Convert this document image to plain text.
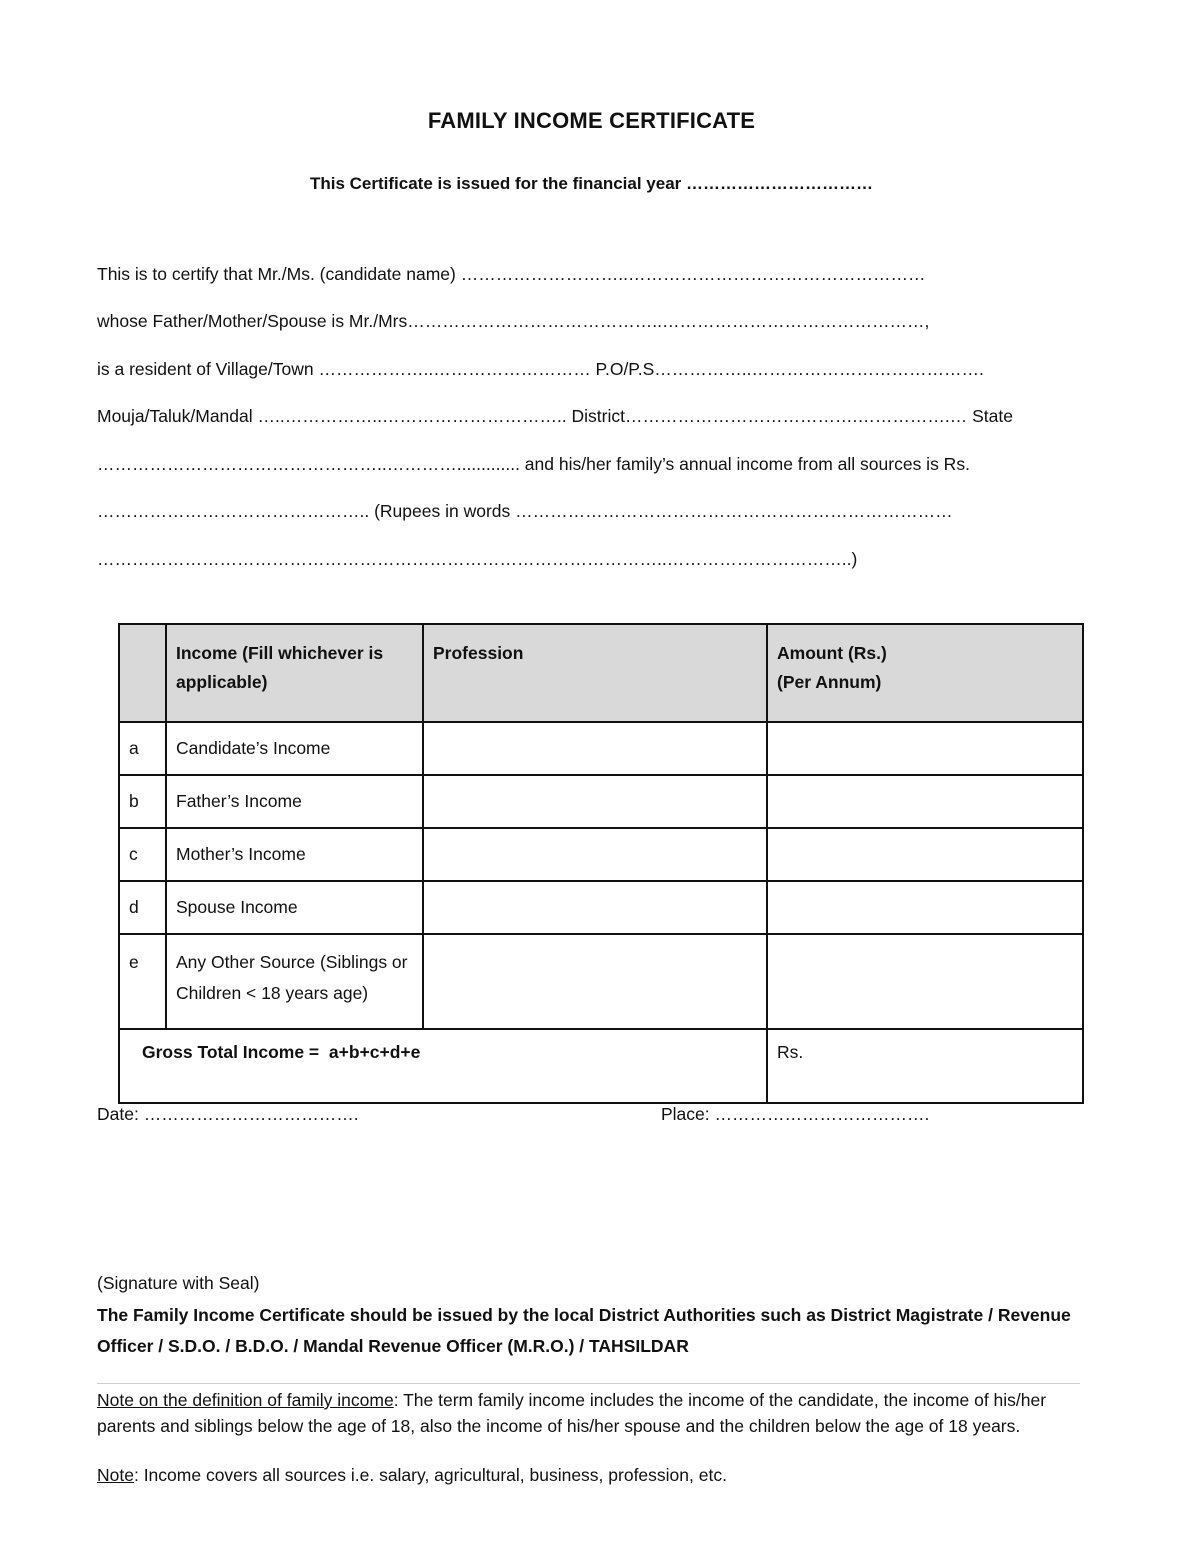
FAMILY INCOME CERTIFICATE
This Certificate is issued for the financial year ……………………………
This is to certify that Mr./Ms. (candidate name) ………………………..……………………………………………
whose Father/Mother/Spouse is Mr./Mrs……………………………………..………………………………………,
is a resident of Village/Town ………………..……………………… P.O/P.S……………..………………………………….
Mouja/Taluk/Mandal …..……………..………………………….. District………………………………….…………….… State
…………………………………………..…………............. and his/her family’s annual income from all sources is Rs.
……………………………………….. (Rupees in words …………………………………………………………………
……………………………………………………………………………………..…………………………..)
	Income (Fill whichever is applicable)	Profession	Amount (Rs.)
(Per Annum)

a	Candidate’s Income		
b	Father’s Income		
c	Mother’s Income		
d	Spouse Income		
e	Any Other Source (Siblings or Children < 18 years age)		
Gross Total Income =  a+b+c+d+e			Rs.
Date: ……………………………….	Place: ……………………………….
(Signature with Seal)
The Family Income Certificate should be issued by the local District Authorities such as District Magistrate / Revenue Officer / S.D.O. / B.D.O. / Mandal Revenue Officer (M.R.O.) / TAHSILDAR
Note on the definition of family income: The term family income includes the income of the candidate, the income of his/her parents and siblings below the age of 18, also the income of his/her spouse and the children below the age of 18 years.
Note: Income covers all sources i.e. salary, agricultural, business, profession, etc.
